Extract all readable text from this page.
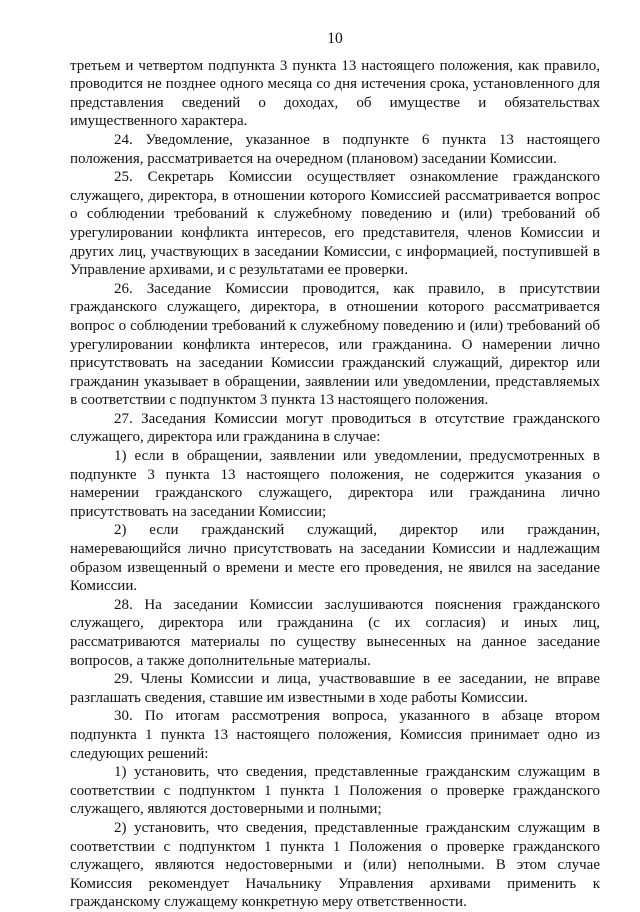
10

третьем и четвертом подпункта 3 пункта 13 настоящего положения, как правило, проводится не позднее одного месяца со дня истечения срока, установленного для представления сведений о доходах, об имуществе и обязательствах имущественного характера.

24. Уведомление, указанное в подпункте 6 пункта 13 настоящего положения, рассматривается на очередном (плановом) заседании Комиссии.

25. Секретарь Комиссии осуществляет ознакомление гражданского служащего, директора, в отношении которого Комиссией рассматривается вопрос о соблюдении требований к служебному поведению и (или) требований об урегулировании конфликта интересов, его представителя, членов Комиссии и других лиц, участвующих в заседании Комиссии, с информацией, поступившей в Управление архивами, и с результатами ее проверки.

26. Заседание Комиссии проводится, как правило, в присутствии гражданского служащего, директора, в отношении которого рассматривается вопрос о соблюдении требований к служебному поведению и (или) требований об урегулировании конфликта интересов, или гражданина. О намерении лично присутствовать на заседании Комиссии гражданский служащий, директор или гражданин указывает в обращении, заявлении или уведомлении, представляемых в соответствии с подпунктом 3 пункта 13 настоящего положения.

27. Заседания Комиссии могут проводиться в отсутствие гражданского служащего, директора или гражданина в случае:

1) если в обращении, заявлении или уведомлении, предусмотренных в подпункте 3 пункта 13 настоящего положения, не содержится указания о намерении гражданского служащего, директора или гражданина лично присутствовать на заседании Комиссии;

2) если гражданский служащий, директор или гражданин, намеревающийся лично присутствовать на заседании Комиссии и надлежащим образом извещенный о времени и месте его проведения, не явился на заседание Комиссии.

28. На заседании Комиссии заслушиваются пояснения гражданского служащего, директора или гражданина (с их согласия) и иных лиц, рассматриваются материалы по существу вынесенных на данное заседание вопросов, а также дополнительные материалы.

29. Члены Комиссии и лица, участвовавшие в ее заседании, не вправе разглашать сведения, ставшие им известными в ходе работы Комиссии.

30. По итогам рассмотрения вопроса, указанного в абзаце втором подпункта 1 пункта 13 настоящего положения, Комиссия принимает одно из следующих решений:

1) установить, что сведения, представленные гражданским служащим в соответствии с подпунктом 1 пункта 1 Положения о проверке гражданского служащего, являются достоверными и полными;

2) установить, что сведения, представленные гражданским служащим в соответствии с подпунктом 1 пункта 1 Положения о проверке гражданского служащего, являются недостоверными и (или) неполными. В этом случае Комиссия рекомендует Начальнику Управления архивами применить к гражданскому служащему конкретную меру ответственности.
